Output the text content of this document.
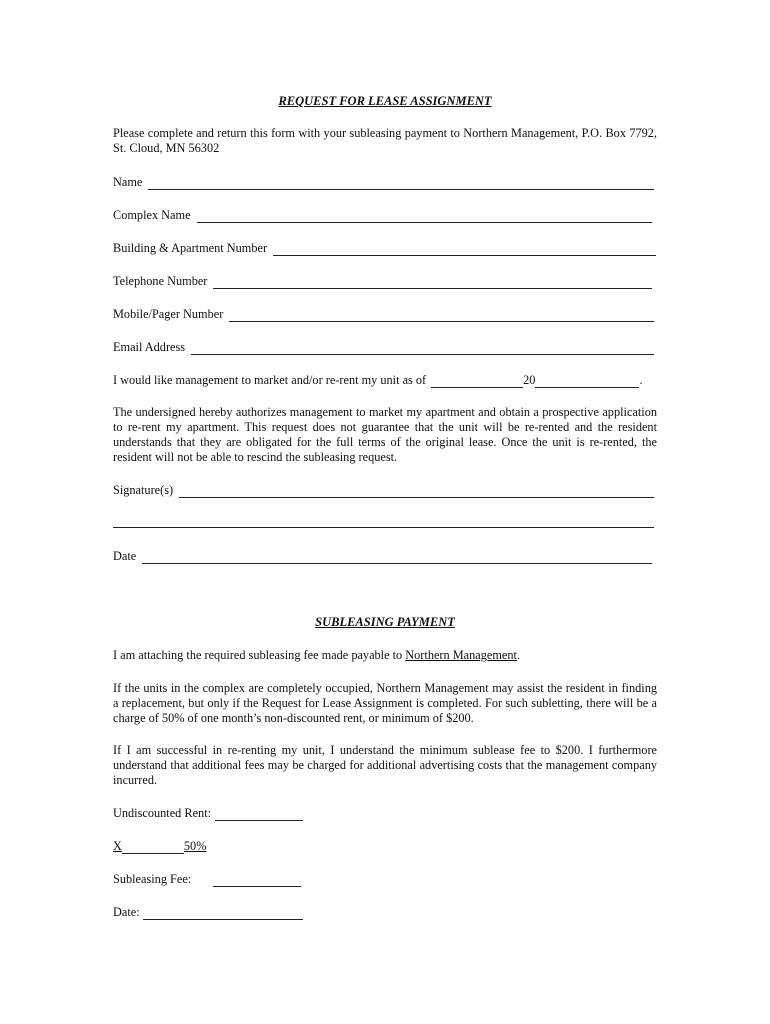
REQUEST FOR LEASE ASSIGNMENT
Please complete and return this form with your subleasing payment to Northern Management, P.O. Box 7792, St. Cloud, MN 56302
Name
Complex Name
Building & Apartment Number
Telephone Number
Mobile/Pager Number
Email Address
I would like management to market and/or re-rent my unit as of	20	.
The undersigned hereby authorizes management to market my apartment and obtain a prospective application to re-rent my apartment. This request does not guarantee that the unit will be re-rented and the resident understands that they are obligated for the full terms of the original lease. Once the unit is re-rented, the resident will not be able to rescind the subleasing request.
Signature(s)
Date
SUBLEASING PAYMENT
I am attaching the required subleasing fee made payable to Northern Management.
If the units in the complex are completely occupied, Northern Management may assist the resident in finding a replacement, but only if the Request for Lease Assignment is completed. For such subletting, there will be a charge of 50% of one month’s non-discounted rent, or minimum of $200.
If I am successful in re-renting my unit, I understand the minimum sublease fee to $200. I furthermore understand that additional fees may be charged for additional advertising costs that the management company incurred.
Undiscounted Rent:
X	50%
Subleasing Fee:
Date:
